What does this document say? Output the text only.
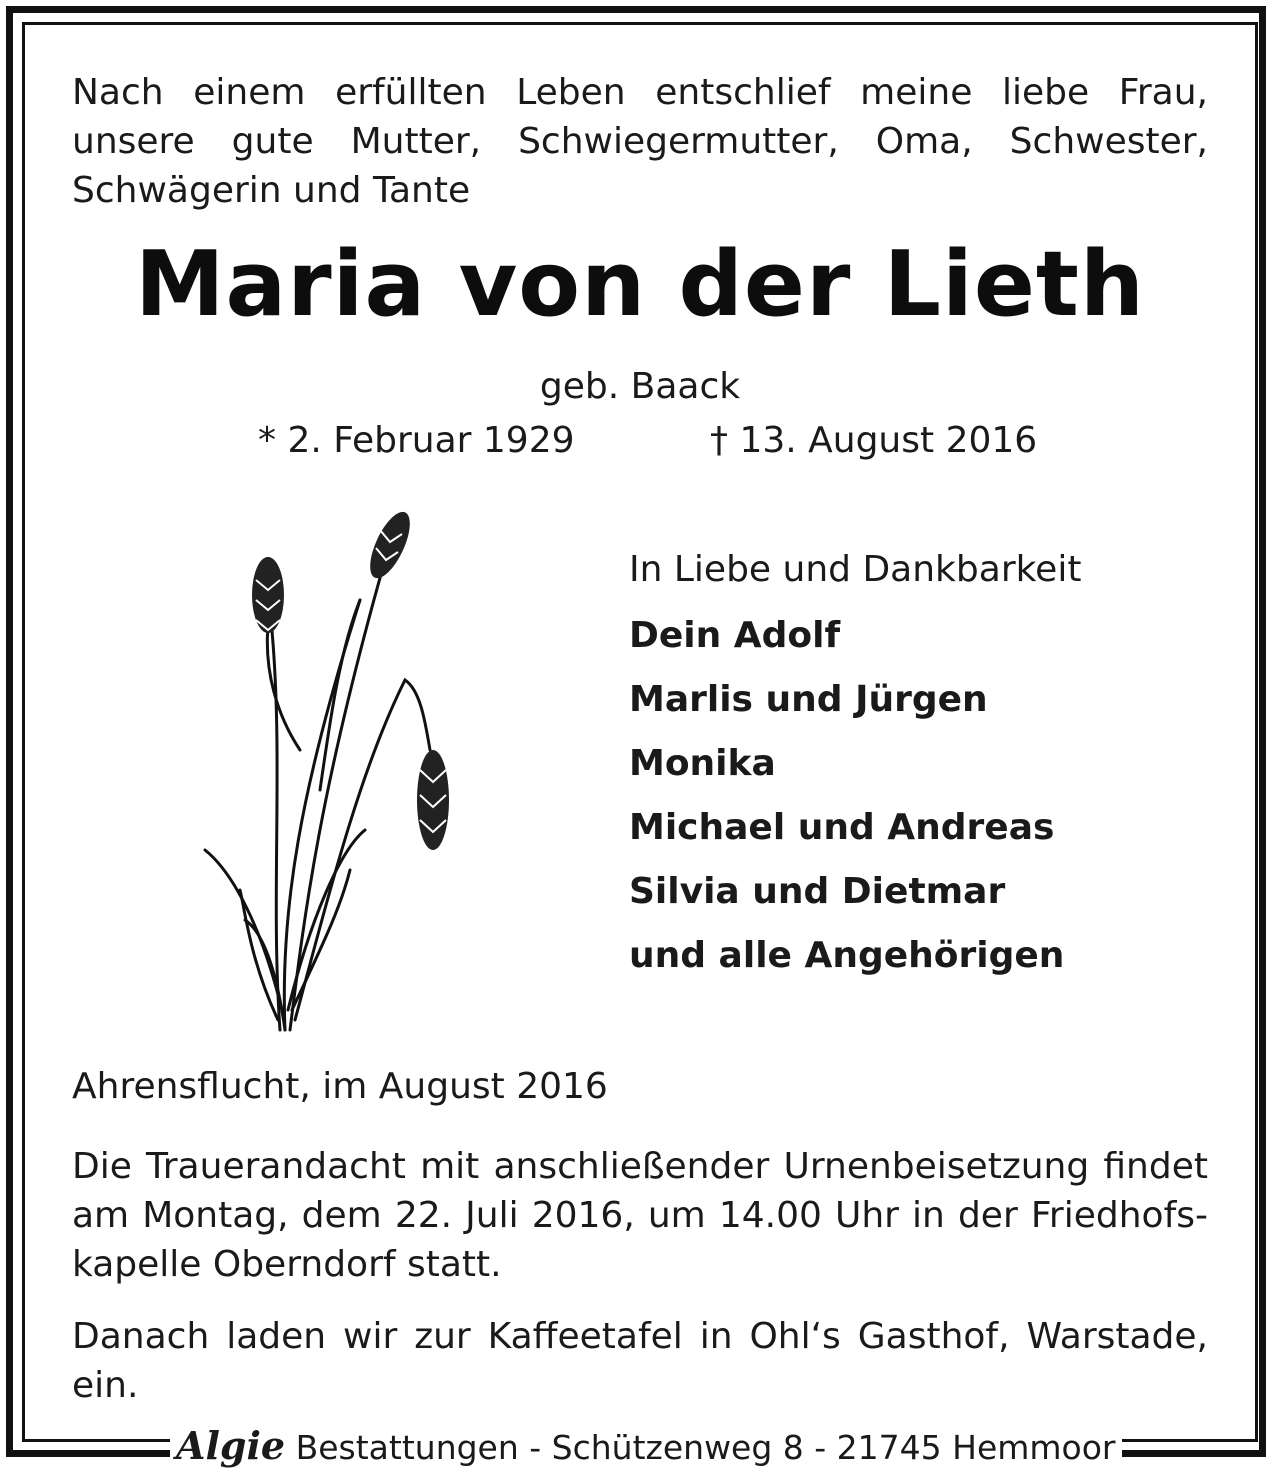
Nach einem erfüllten Leben entschlief meine liebe Frau,
unsere gute Mutter, Schwiegermutter, Oma, Schwester,
Schwägerin und Tante
Maria von der Lieth
geb. Baack
* 2. Februar 1929	† 13. August 2016
In Liebe und Dankbarkeit
Dein Adolf
Marlis und Jürgen
Monika
Michael und Andreas
Silvia und Dietmar
und alle Angehörigen
Ahrensflucht, im August 2016
Die Trauerandacht mit anschließender Urnenbeisetzung findet
am Montag, dem 22. Juli 2016, um 14.00 Uhr in der Friedhofs-
kapelle Oberndorf statt.
Danach laden wir zur Kaffeetafel in Ohl‘s Gasthof, Warstade,
ein.
Algie Bestattungen - Schützenweg 8 - 21745 Hemmoor
